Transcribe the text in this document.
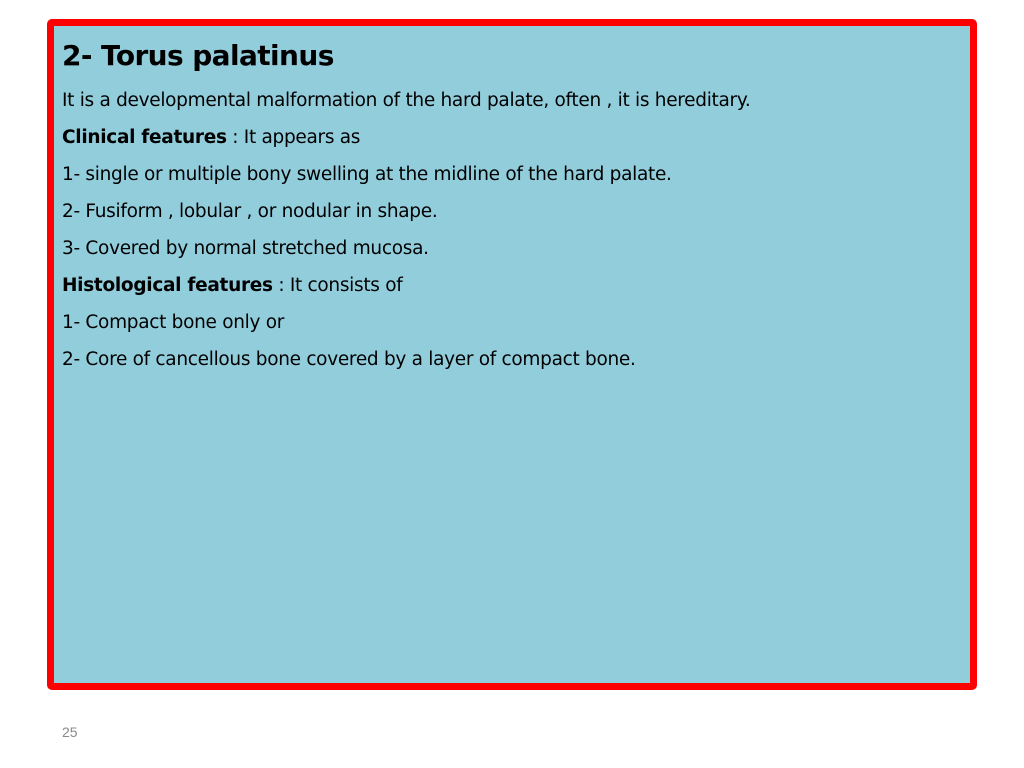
2- Torus palatinus

It is a developmental malformation of the hard palate, often , it is hereditary.

Clinical features : It appears as

1- single or multiple bony swelling at the midline of the hard palate.

2- Fusiform , lobular , or nodular in shape.

3- Covered by normal stretched mucosa.

Histological features : It consists of

1- Compact bone only or

2- Core of cancellous bone covered by a layer of compact bone.

25
